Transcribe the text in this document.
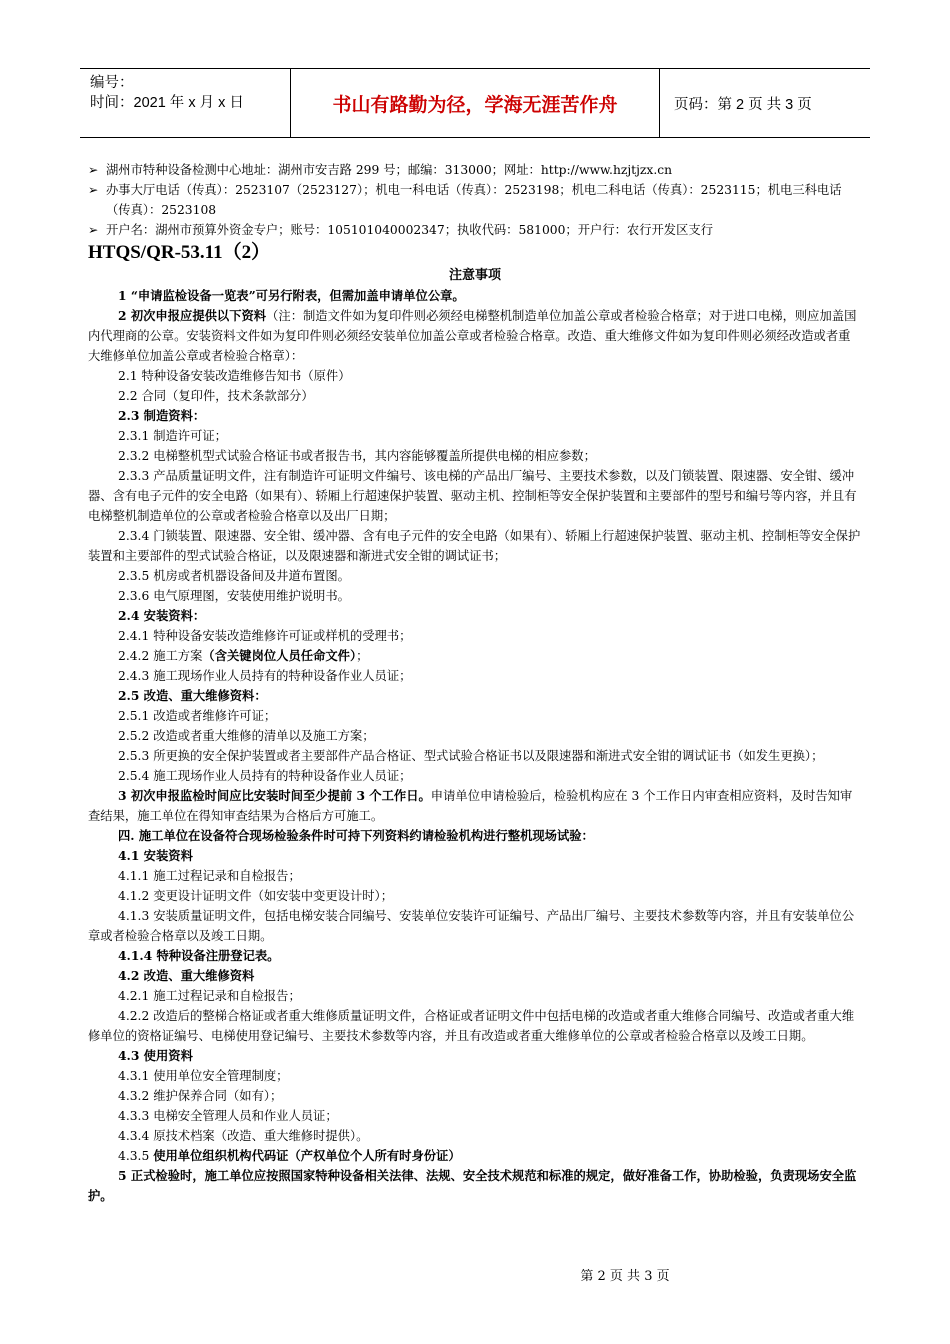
编号：
时间：2021 年 x 月 x 日	书山有路勤为径，学海无涯苦作舟	页码：第 2 页 共 3 页

➢ 湖州市特种设备检测中心地址：湖州市安吉路 299 号；邮编：313000；网址：http://www.hzjtjzx.cn

➢ 办事大厅电话（传真）：2523107（2523127）；机电一科电话（传真）：2523198；机电二科电话（传真）：2523115；机电三科电话（传真）：2523108

➢ 开户名：湖州市预算外资金专户；账号：105101040002347；执收代码：581000；开户行：农行开发区支行

HTQS/QR-53.11（2）

注意事项

1 “申请监检设备一览表”可另行附表，但需加盖申请单位公章。

2 初次申报应提供以下资料（注：制造文件如为复印件则必须经电梯整机制造单位加盖公章或者检验合格章；对于进口电梯，则应加盖国内代理商的公章。安装资料文件如为复印件则必须经安装单位加盖公章或者检验合格章。改造、重大维修文件如为复印件则必须经改造或者重大维修单位加盖公章或者检验合格章）：

2.1 特种设备安装改造维修告知书（原件）

2.2 合同（复印件，技术条款部分）

2.3 制造资料：

2.3.1 制造许可证；

2.3.2 电梯整机型式试验合格证书或者报告书，其内容能够覆盖所提供电梯的相应参数；

2.3.3 产品质量证明文件，注有制造许可证明文件编号、该电梯的产品出厂编号、主要技术参数，以及门锁装置、限速器、安全钳、缓冲器、含有电子元件的安全电路（如果有）、轿厢上行超速保护装置、驱动主机、控制柜等安全保护装置和主要部件的型号和编号等内容，并且有电梯整机制造单位的公章或者检验合格章以及出厂日期；

2.3.4 门锁装置、限速器、安全钳、缓冲器、含有电子元件的安全电路（如果有）、轿厢上行超速保护装置、驱动主机、控制柜等安全保护装置和主要部件的型式试验合格证，以及限速器和渐进式安全钳的调试证书；

2.3.5 机房或者机器设备间及井道布置图。

2.3.6 电气原理图，安装使用维护说明书。

2.4 安装资料：

2.4.1 特种设备安装改造维修许可证或样机的受理书；

2.4.2 施工方案（含关键岗位人员任命文件）；

2.4.3 施工现场作业人员持有的特种设备作业人员证；

2.5 改造、重大维修资料：

2.5.1 改造或者维修许可证；

2.5.2 改造或者重大维修的清单以及施工方案；

2.5.3 所更换的安全保护装置或者主要部件产品合格证、型式试验合格证书以及限速器和渐进式安全钳的调试证书（如发生更换）；

2.5.4 施工现场作业人员持有的特种设备作业人员证；

3 初次申报监检时间应比安装时间至少提前 3 个工作日。申请单位申请检验后，检验机构应在 3 个工作日内审查相应资料，及时告知审查结果，施工单位在得知审查结果为合格后方可施工。

四. 施工单位在设备符合现场检验条件时可持下列资料约请检验机构进行整机现场试验：

4.1 安装资料

4.1.1 施工过程记录和自检报告；

4.1.2 变更设计证明文件（如安装中变更设计时）；

4.1.3 安装质量证明文件，包括电梯安装合同编号、安装单位安装许可证编号、产品出厂编号、主要技术参数等内容，并且有安装单位公章或者检验合格章以及竣工日期。

4.1.4 特种设备注册登记表。

4.2 改造、重大维修资料

4.2.1 施工过程记录和自检报告；

4.2.2 改造后的整梯合格证或者重大维修质量证明文件，合格证或者证明文件中包括电梯的改造或者重大维修合同编号、改造或者重大维修单位的资格证编号、电梯使用登记编号、主要技术参数等内容，并且有改造或者重大维修单位的公章或者检验合格章以及竣工日期。

4.3 使用资料

4.3.1 使用单位安全管理制度；

4.3.2 维护保养合同（如有）；

4.3.3 电梯安全管理人员和作业人员证；

4.3.4 原技术档案（改造、重大维修时提供）。

4.3.5 使用单位组织机构代码证（产权单位个人所有时身份证）

5 正式检验时，施工单位应按照国家特种设备相关法律、法规、安全技术规范和标准的规定，做好准备工作，协助检验，负责现场安全监护。

第 2 页 共 3 页
